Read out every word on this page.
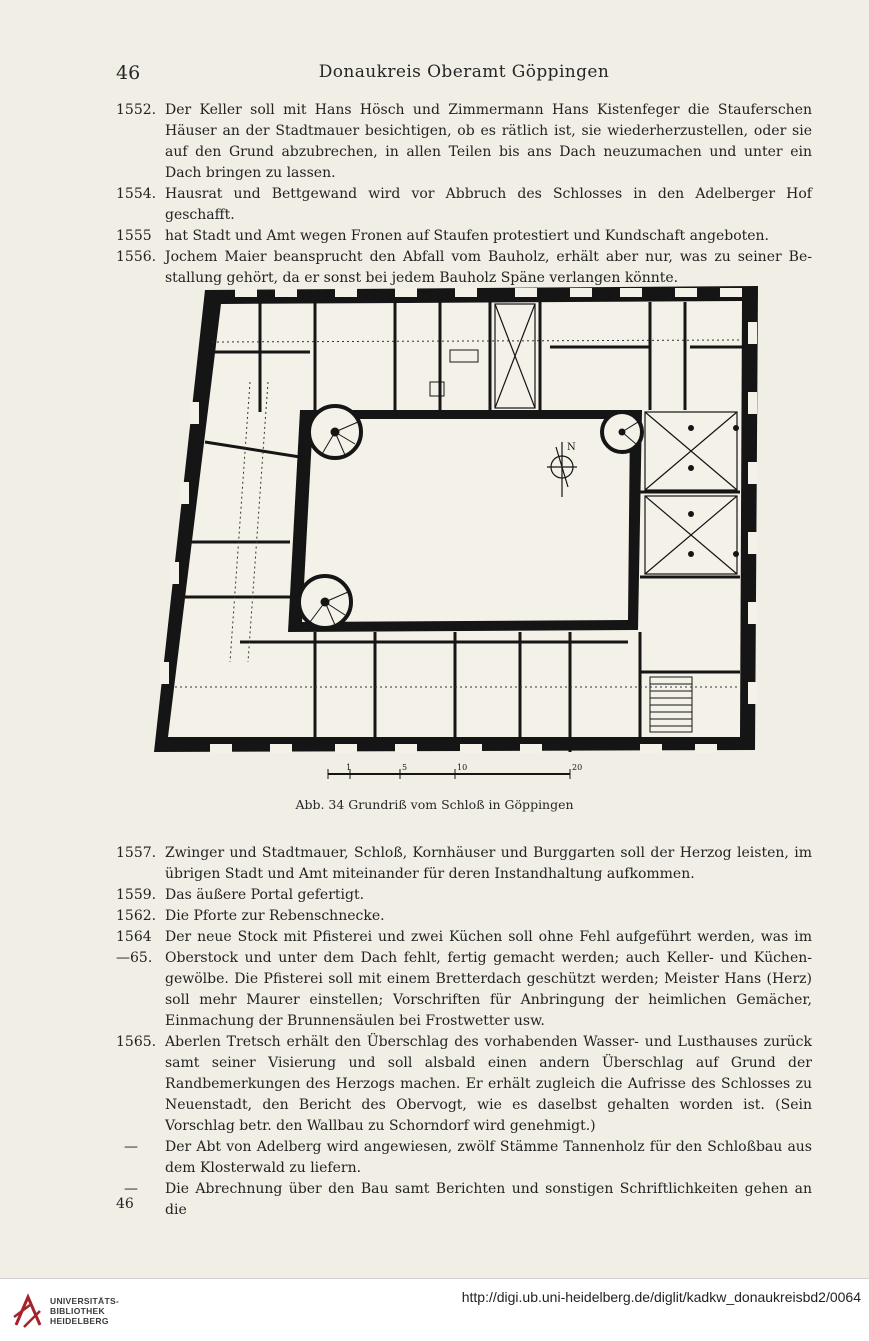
46	Donaukreis Oberamt Göppingen
1552. Der Keller soll mit Hans Hösch und Zimmermann Hans Kistenfeger die Stauferschen Häuser an der Stadtmauer besichtigen, ob es rätlich ist, sie wiederherzustellen, oder sie auf den Grund abzubrechen, in allen Teilen bis ans Dach neuzumachen und unter ein Dach bringen zu lassen.
1554. Hausrat und Bettgewand wird vor Abbruch des Schlosses in den Adelberger Hof geschafft.
1555 hat Stadt und Amt wegen Fronen auf Staufen protestiert und Kundschaft angeboten.
1556. Jochem Maier beansprucht den Abfall vom Bauholz, erhält aber nur, was zu seiner Bestallung gehört, da er sonst bei jedem Bauholz Späne verlangen könnte.
N
1	5	10	20
Abb. 34 Grundriß vom Schloß in Göppingen
1557. Zwinger und Stadtmauer, Schloß, Kornhäuser und Burggarten soll der Herzog leisten, im übrigen Stadt und Amt miteinander für deren Instandhaltung aufkommen.
1559. Das äußere Portal gefertigt.
1562. Die Pforte zur Rebenschnecke.
1564—65.
Der neue Stock mit Pfisterei und zwei Küchen soll ohne Fehl aufgeführt werden, was im Oberstock und unter dem Dach fehlt, fertig gemacht werden; auch Keller- und Küchengewölbe. Die Pfisterei soll mit einem Bretterdach geschützt werden; Meister Hans (Herz) soll mehr Maurer einstellen; Vorschriften für Anbringung der heimlichen Gemächer, Einmachung der Brunnensäulen bei Frostwetter usw.
1565. Aberlen Tretsch erhält den Überschlag des vorhabenden Wasser- und Lusthauses zurück samt seiner Visierung und soll alsbald einen andern Überschlag auf Grund der Randbemerkungen des Herzogs machen. Er erhält zugleich die Aufrisse des Schlosses zu Neuenstadt, den Bericht des Obervogt, wie es daselbst gehalten worden ist. (Sein Vorschlag betr. den Wallbau zu Schorndorf wird genehmigt.)
—	Der Abt von Adelberg wird angewiesen, zwölf Stämme Tannenholz für den Schloßbau aus dem Klosterwald zu liefern.
—	Die Abrechnung über den Bau samt Berichten und sonstigen Schriftlichkeiten gehen an die
46
UNIVERSITÄTS-
BIBLIOTHEK
HEIDELBERG
http://digi.ub.uni-heidelberg.de/diglit/kadkw_donaukreisbd2/0064
